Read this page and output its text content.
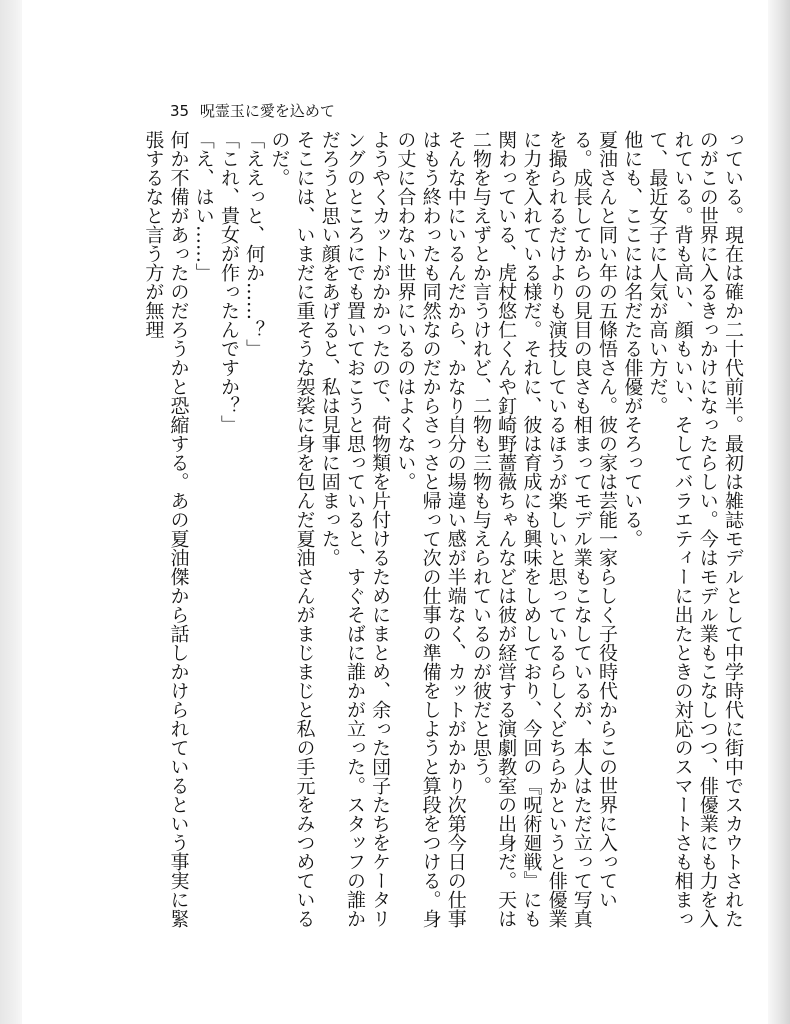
35 呪霊玉に愛を込めて

っている。現在は確か二十代前半。最初は雑誌モデルとして中学時代に街中でスカウトされたのがこの世界に入るきっかけになったらしい。今はモデル業もこなしつつ、俳優業にも力を入れている。背も高い、顔もいい、そしてバラエティーに出たときの対応のスマートさも相まって、最近女子に人気が高い方だ。

他にも、ここには名だたる俳優がそろっている。

夏油さんと同い年の五條悟さん。彼の家は芸能一家らしく子役時代からこの世界に入っている。成長してからの見目の良さも相まってモデル業もこなしているが、本人はただ立って写真を撮られるだけよりも演技しているほうが楽しいと思っているらしくどちらかというと俳優業に力を入れている様だ。それに、彼は育成にも興味をしめしており、今回の『呪術廻戦』にも関わっている、虎杖悠仁くんや釘崎野薔薇ちゃんなどは彼が経営する演劇教室の出身だ。天は二物を与えずとか言うけれど、二物も三物も与えられているのが彼だと思う。

そんな中にいるんだから、かなり自分の場違い感が半端なく、カットがかかり次第今日の仕事はもう終わったも同然なのだからさっさと帰って次の仕事の準備をしようと算段をつける。身の丈に合わない世界にいるのはよくない。

ようやくカットがかかったので、荷物類を片付けるためにまとめ、余った団子たちをケータリングのところにでも置いておこうと思っていると、すぐそばに誰かが立った。スタッフの誰かだろうと思い顔をあげると、私は見事に固まった。

そこには、いまだに重そうな袈裟に身を包んだ夏油さんがまじまじと私の手元をみつめているのだ。

「ええっと、何か……？」

「これ、貴女が作ったんですか？」

「え、はい……」

何か不備があったのだろうかと恐縮する。あの夏油傑から話しかけられているという事実に緊張するなと言う方が無理
